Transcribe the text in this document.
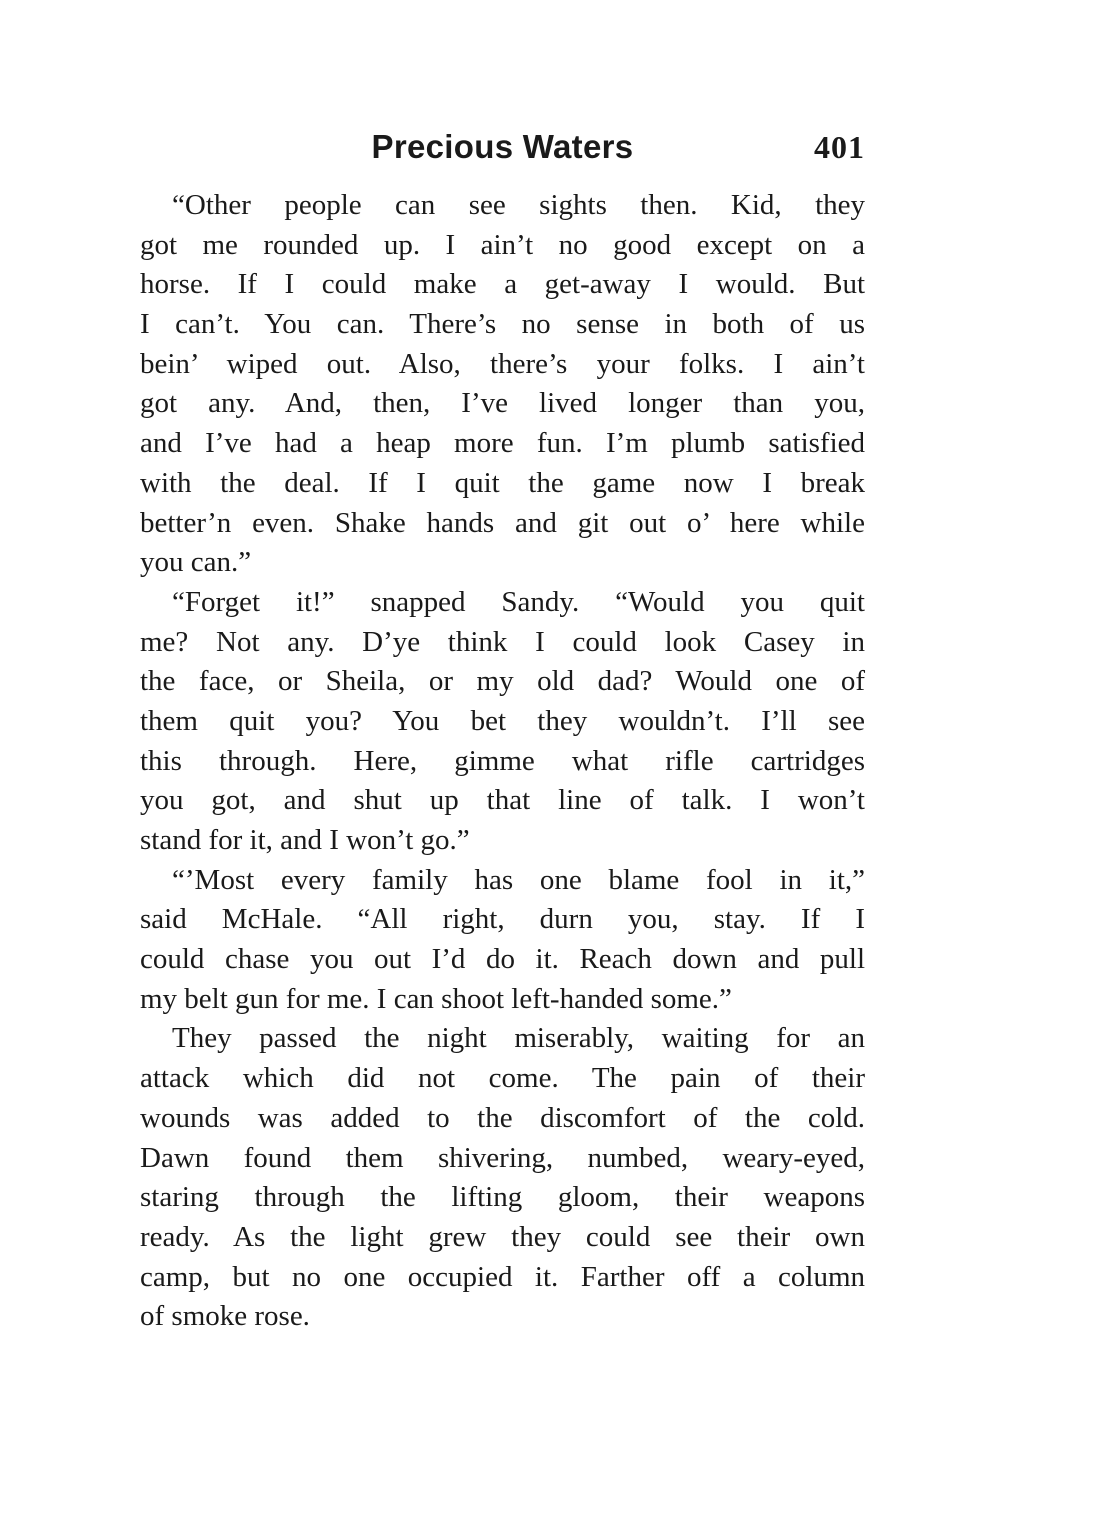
Precious Waters	401
“Other people can see sights then. Kid, they
got me rounded up. I ain’t no good except on a
horse. If I could make a get-away I would. But
I can’t. You can. There’s no sense in both of us
bein’ wiped out. Also, there’s your folks. I ain’t
got any. And, then, I’ve lived longer than you,
and I’ve had a heap more fun. I’m plumb satisfied
with the deal. If I quit the game now I break
better’n even. Shake hands and git out o’ here while
you can.”
“Forget it!” snapped Sandy. “Would you quit
me? Not any. D’ye think I could look Casey in
the face, or Sheila, or my old dad? Would one of
them quit you? You bet they wouldn’t. I’ll see
this through. Here, gimme what rifle cartridges
you got, and shut up that line of talk. I won’t
stand for it, and I won’t go.”
“’Most every family has one blame fool in it,”
said McHale. “All right, durn you, stay. If I
could chase you out I’d do it. Reach down and pull
my belt gun for me. I can shoot left-handed some.”
They passed the night miserably, waiting for an
attack which did not come. The pain of their
wounds was added to the discomfort of the cold.
Dawn found them shivering, numbed, weary-eyed,
staring through the lifting gloom, their weapons
ready. As the light grew they could see their own
camp, but no one occupied it. Farther off a column
of smoke rose.
